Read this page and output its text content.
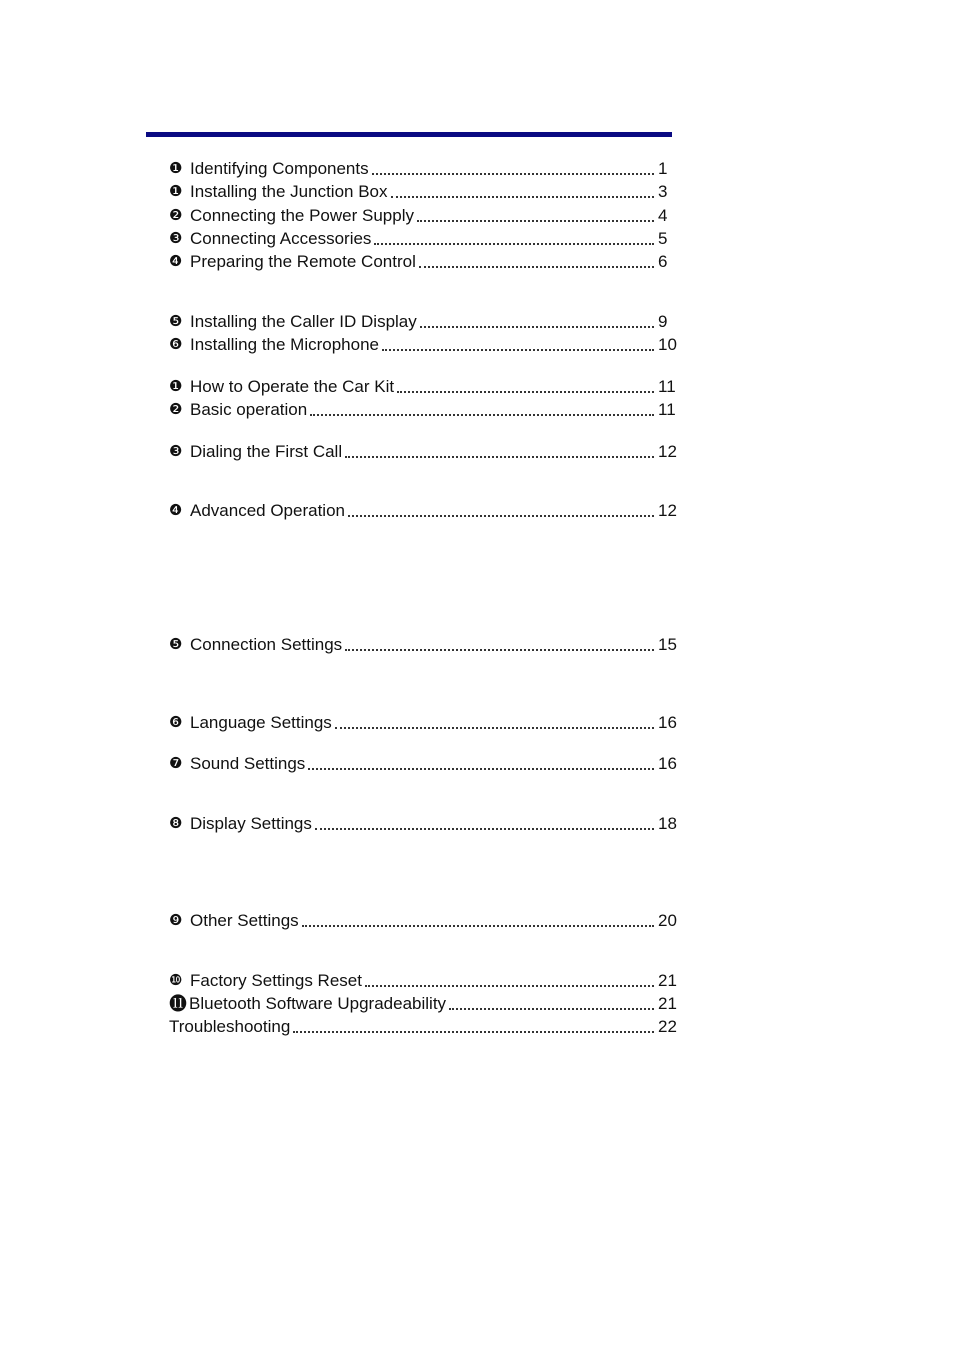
❶ Identifying Components	1
❶ Installing the Junction Box	3
❷ Connecting the Power Supply	4
❸ Connecting Accessories	5
❹ Preparing the Remote Control	6
❺ Installing the Caller ID Display	9
❻ Installing the Microphone	10
❶ How to Operate the Car Kit	11
❷ Basic operation	11
❸ Dialing the First Call	12
❹ Advanced Operation	12
❺ Connection Settings	15
❻ Language Settings	16
❼ Sound Settings	16
❽ Display Settings	18
❾ Other Settings	20
❿ Factory Settings Reset	21
⓫ Bluetooth Software Upgradeability	21
Troubleshooting	22
